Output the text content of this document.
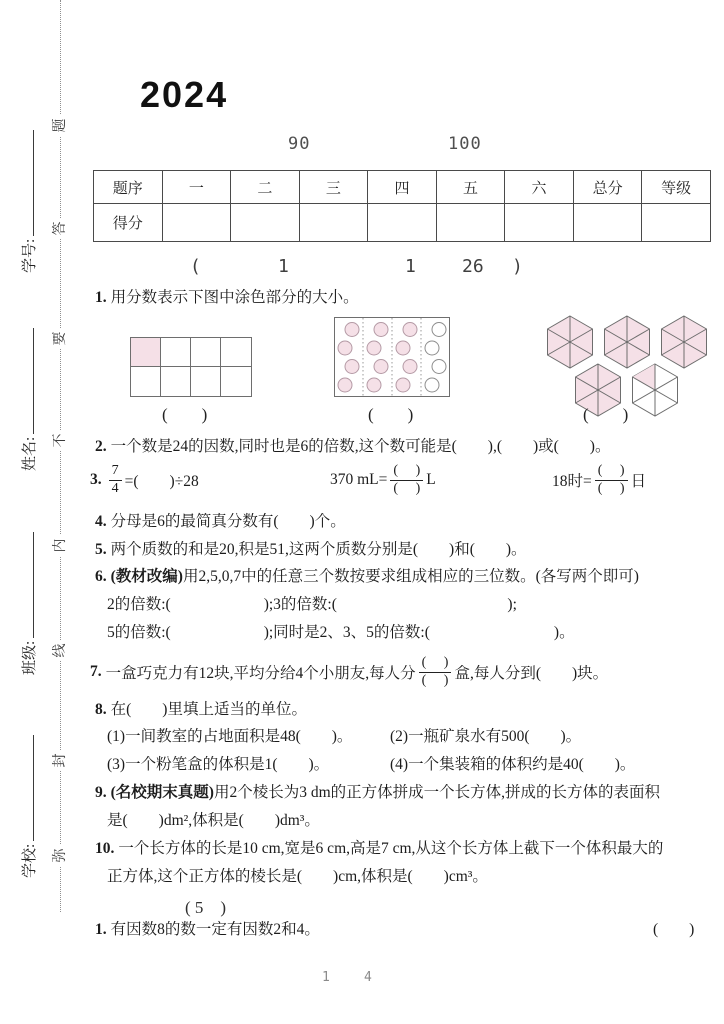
题
答
要
不
内
线
封
弥
学号:
姓名:
班级:
学校:
2024
90	100
题序	一	二	三	四	五	六	总分	等级
得分								
(	1	1	26 )
1. 用分数表示下图中涂色部分的大小。
(　　)	(　　)	(　　)
2. 一个数是24的因数,同时也是6的倍数,这个数可能是(　　),(　　)或(　　)。
3. $\frac{7}{4}$ =(　　)÷28	370 $mL= \frac{( )}{( )}$ L	18时= $\frac{( )}{( )}$ 日
4. 分母是6的最简真分数有(　　)个。
5. 两个质数的和是20,积是51,这两个质数分别是(　　)和(　　)。
6. (教材改编)用2,5,0,7中的任意三个数按要求组成相应的三位数。(各写两个即可)
2的倍数:(　　　　　　);3的倍数:(　　　　　　　　　　　);
5的倍数:(　　　　　　);同时是2、3、5的倍数:(　　　　　　　　)。
7. 一盒巧克力有12块,平均分给4个小朋友,每人分 $\frac{( )}{( )}$ 盒,每人分到(　　)块。
8. 在(　　)里填上适当的单位。
(1)一间教室的占地面积是48(　　)。 (2)一瓶矿泉水有500(　　)。
(3)一个粉笔盒的体积是1(　　)。	(4)一个集装箱的体积约是40(　　)。
9. (名校期末真题)用2个棱长为3 dm的正方体拼成一个长方体,拼成的长方体的表面积
是(　　)dm²,体积是(　　)dm³。
10. 一个长方体的长是10 cm,宽是6 cm,高是7 cm,从这个长方体上截下一个体积最大的
正方体,这个正方体的棱长是(　　)cm,体积是(　　)cm³。
( 5　)
1. 有因数8的数一定有因数2和4。	(　　)
1	4
